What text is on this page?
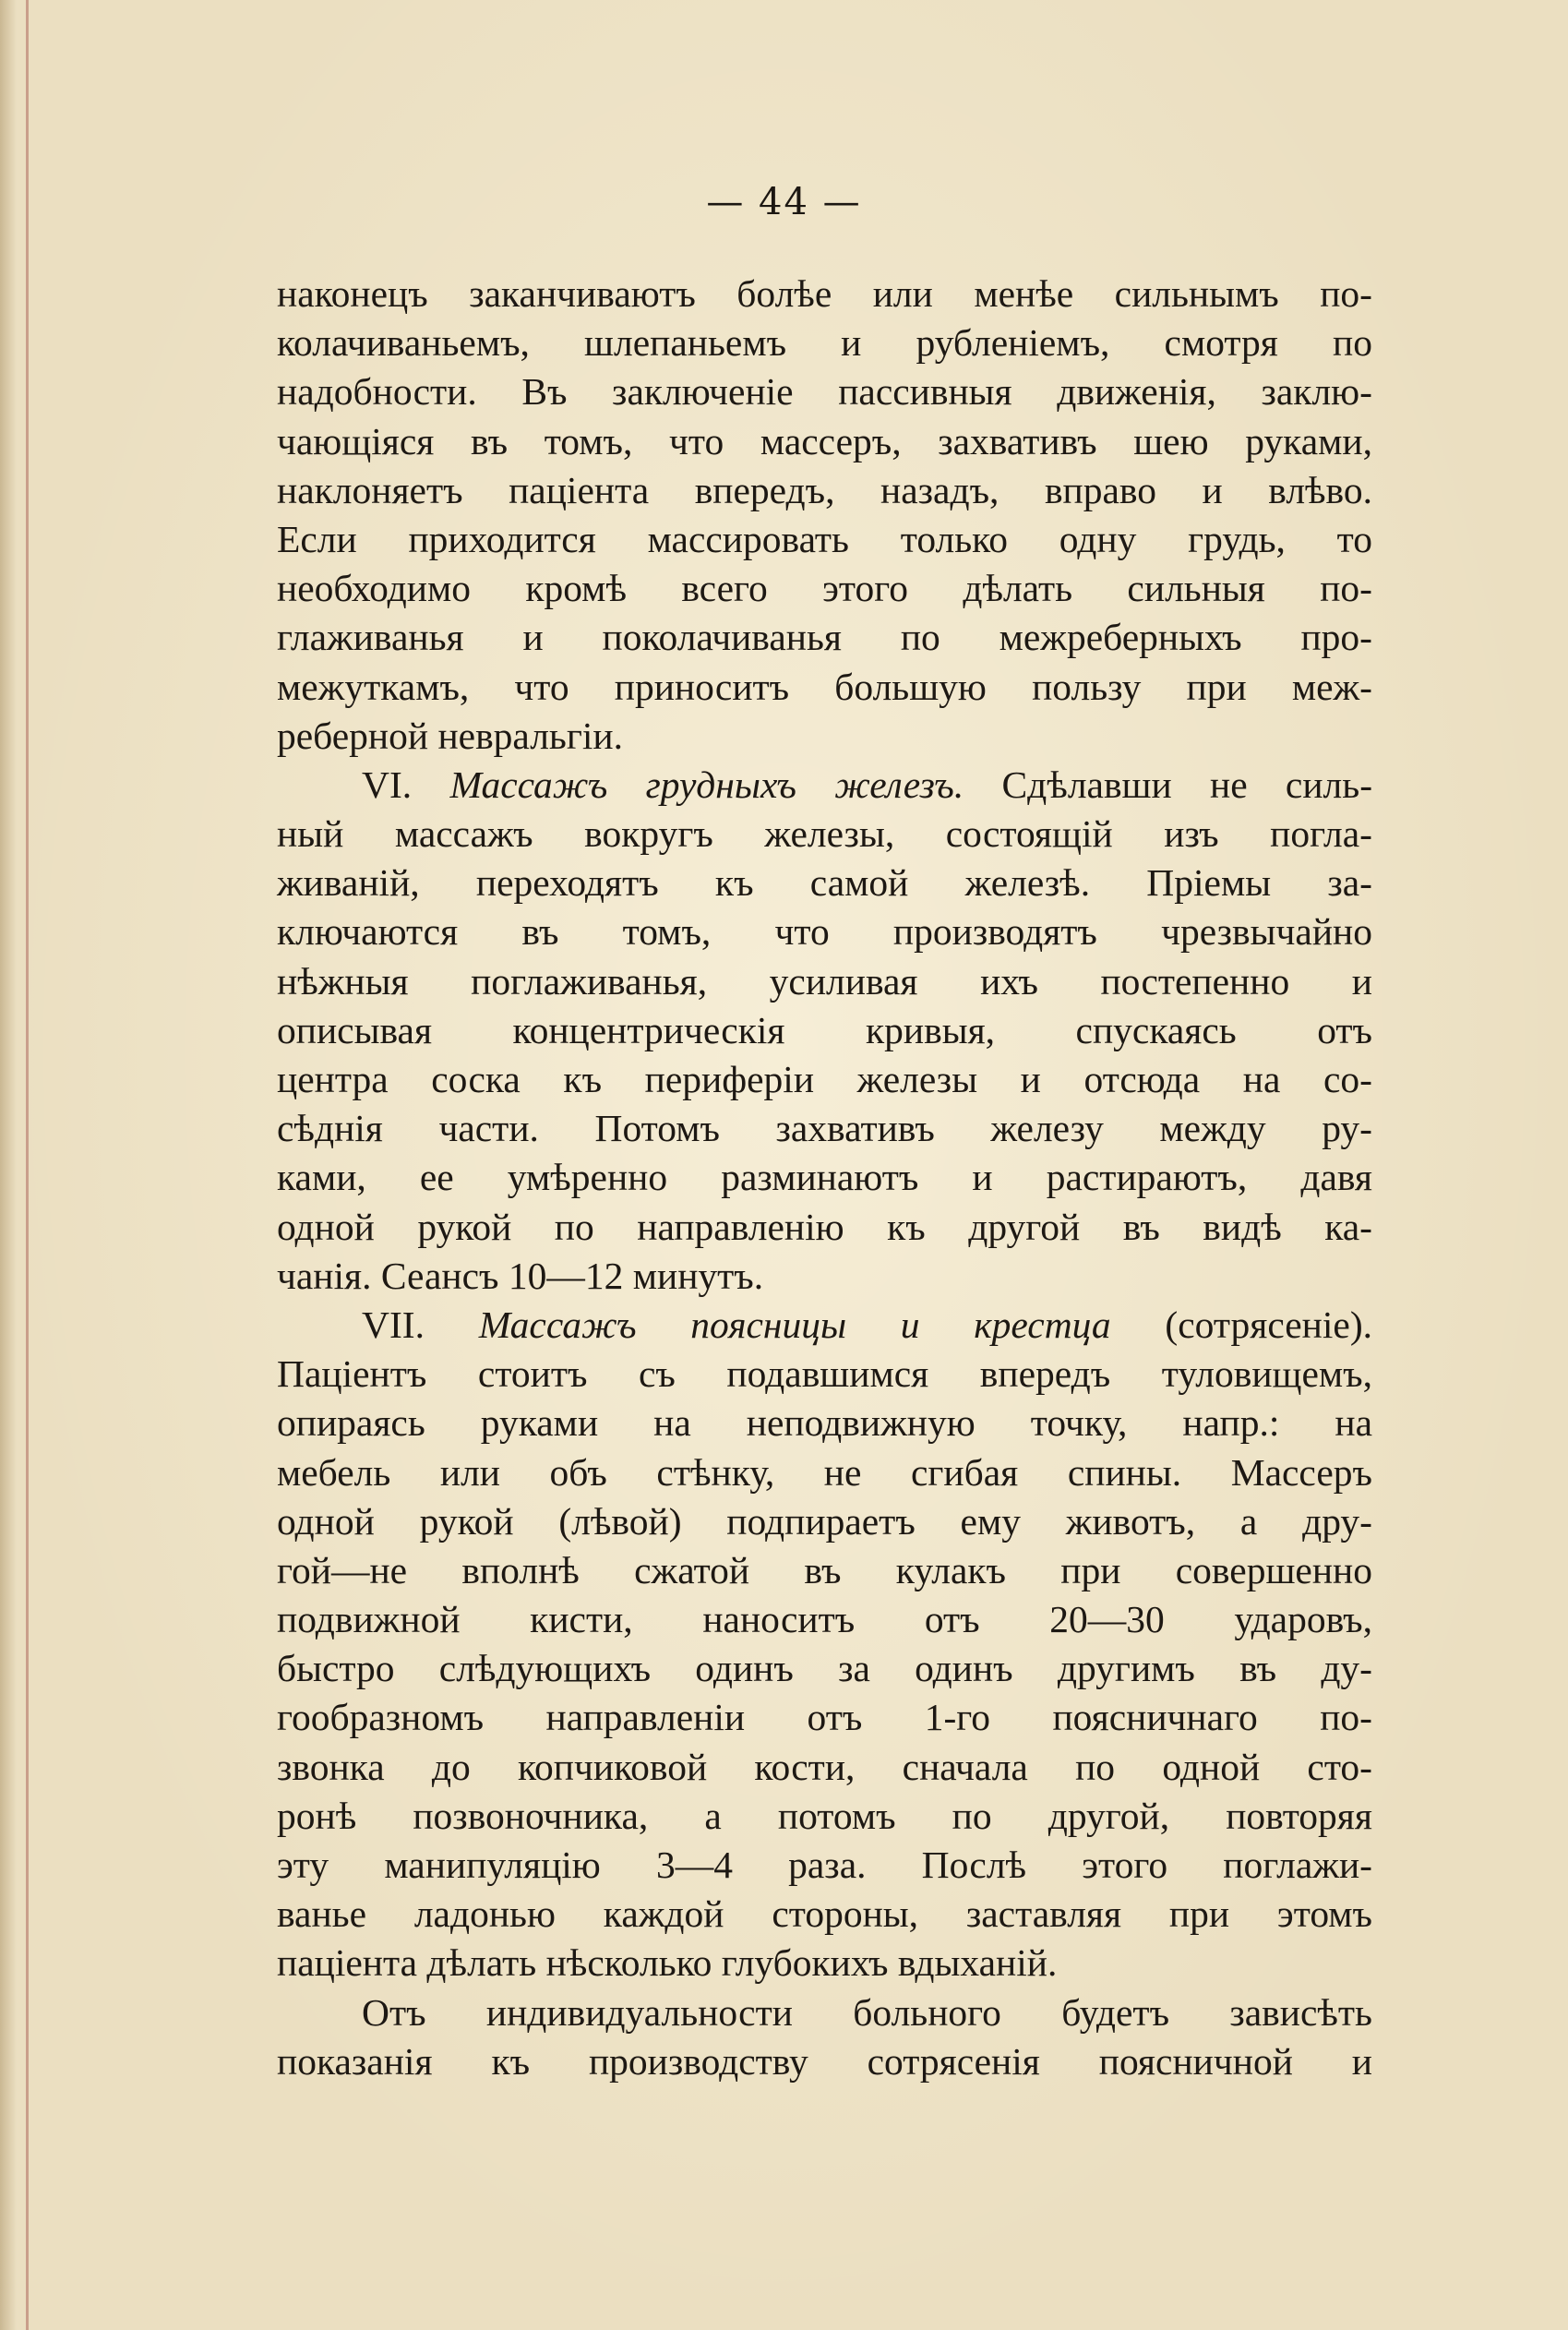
— 44 —
наконецъ заканчиваютъ болѣе или менѣе сильнымъ по-
колачиваньемъ, шлепаньемъ и рубленіемъ, смотря по
надобности. Въ заключеніе пассивныя движенія, заклю-
чающіяся въ томъ, что массеръ, захвативъ шею руками,
наклоняетъ паціента впередъ, назадъ, вправо и влѣво.
Если приходится массировать только одну грудь, то
необходимо кромѣ всего этого дѣлать сильныя по-
глаживанья и поколачиванья по межреберныхъ про-
межуткамъ, что приноситъ большую пользу при меж-
реберной невральгіи.
VI. Массажъ грудныхъ железъ. Сдѣлавши не силь-
ный массажъ вокругъ железы, состоящій изъ погла-
живаній, переходятъ къ самой железѣ. Пріемы за-
ключаются въ томъ, что производятъ чрезвычайно
нѣжныя поглаживанья, усиливая ихъ постепенно и
описывая концентрическія кривыя, спускаясь отъ
центра соска къ периферіи железы и отсюда на со-
сѣднія части. Потомъ захвативъ железу между ру-
ками, ее умѣренно разминаютъ и растираютъ, давя
одной рукой по направленію къ другой въ видѣ ка-
чанія. Сеансъ 10—12 минутъ.
VII. Массажъ поясницы и крестца (сотрясеніе).
Паціентъ стоитъ съ подавшимся впередъ туловищемъ,
опираясь руками на неподвижную точку, напр.: на
мебель или объ стѣнку, не сгибая спины. Массеръ
одной рукой (лѣвой) подпираетъ ему животъ, а дру-
гой—не вполнѣ сжатой въ кулакъ при совершенно
подвижной кисти, наноситъ отъ 20—30 ударовъ,
быстро слѣдующихъ одинъ за одинъ другимъ въ ду-
гообразномъ направленіи отъ 1-го поясничнаго по-
звонка до копчиковой кости, сначала по одной сто-
ронѣ позвоночника, а потомъ по другой, повторяя
эту манипуляцію 3—4 раза. Послѣ этого поглажи-
ванье ладонью каждой стороны, заставляя при этомъ
паціента дѣлать нѣсколько глубокихъ вдыханій.
Отъ индивидуальности больного будетъ зависѣть
показанія къ производству сотрясенія поясничной и
